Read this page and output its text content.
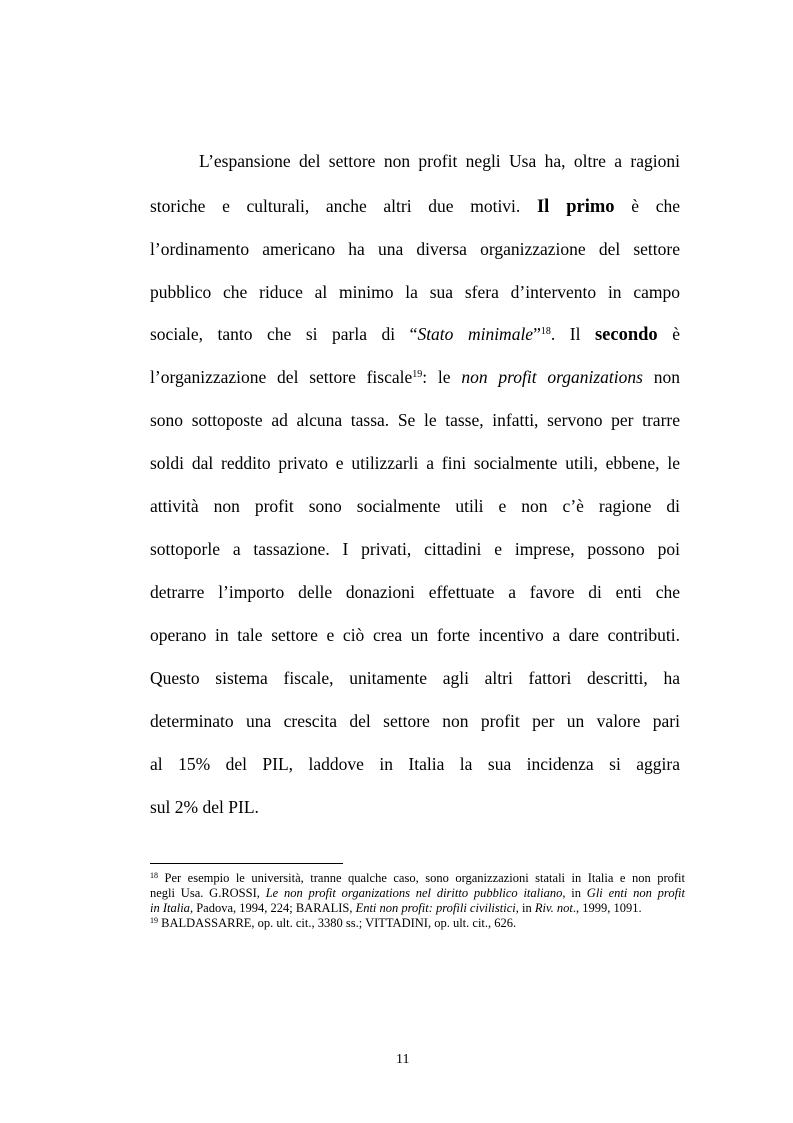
L’espansione del settore non profit negli Usa ha, oltre a ragioni
storiche e culturali, anche altri due motivi. Il primo è che
l’ordinamento americano ha una diversa organizzazione del settore
pubblico che riduce al minimo la sua sfera d’intervento in campo
sociale, tanto che si parla di “Stato minimale”$^{18}$. Il secondo è
l’organizzazione del settore fiscale$^{19}$: le non profit organizations non
sono sottoposte ad alcuna tassa. Se le tasse, infatti, servono per trarre
soldi dal reddito privato e utilizzarli a fini socialmente utili, ebbene, le
attività non profit sono socialmente utili e non c’è ragione di
sottoporle a tassazione. I privati, cittadini e imprese, possono poi
detrarre l’importo delle donazioni effettuate a favore di enti che
operano in tale settore e ciò crea un forte incentivo a dare contributi.
Questo sistema fiscale, unitamente agli altri fattori descritti, ha
determinato una crescita del settore non profit per un valore pari
al 15% del PIL, laddove in Italia la sua incidenza si aggira
sul 2% del PIL.
$^{18}$ Per esempio le università, tranne qualche caso, sono organizzazioni statali in Italia e non profit
negli Usa. G.ROSSI, Le non profit organizations nel diritto pubblico italiano, in Gli enti non profit
in Italia, Padova, 1994, 224; BARALIS, Enti non profit: profili civilistici, in Riv. not., 1999, 1091.
$^{19}$ BALDASSARRE, op. ult. cit., 3380 ss.; VITTADINI, op. ult. cit., 626.
11
